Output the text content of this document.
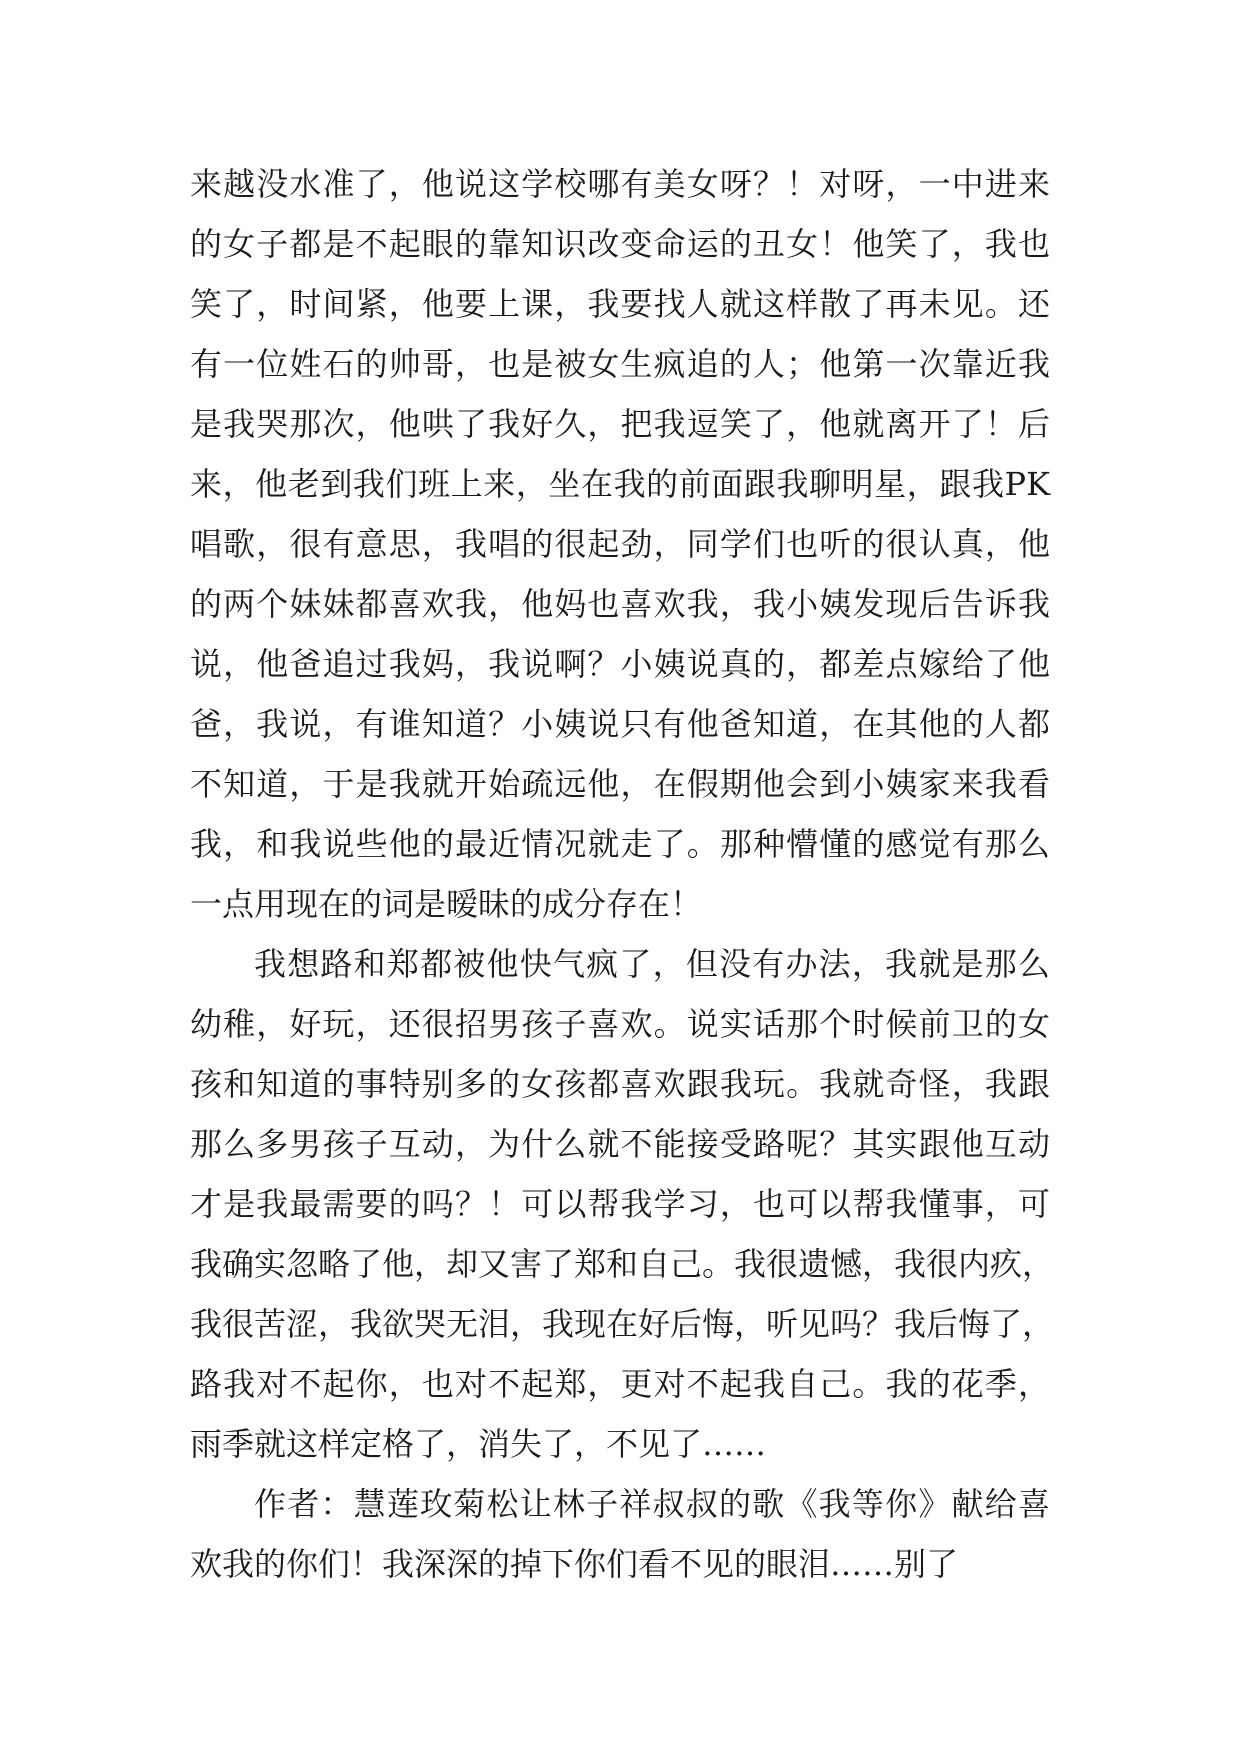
来越没水准了，他说这学校哪有美女呀？！对呀，一中进来
的女子都是不起眼的靠知识改变命运的丑女！他笑了，我也
笑了，时间紧，他要上课，我要找人就这样散了再未见。还
有一位姓石的帅哥，也是被女生疯追的人；他第一次靠近我
是我哭那次，他哄了我好久，把我逗笑了，他就离开了！后
来，他老到我们班上来，坐在我的前面跟我聊明星，跟我PK
唱歌，很有意思，我唱的很起劲，同学们也听的很认真，他
的两个妹妹都喜欢我，他妈也喜欢我，我小姨发现后告诉我
说，他爸追过我妈，我说啊？小姨说真的，都差点嫁给了他
爸，我说，有谁知道？小姨说只有他爸知道，在其他的人都
不知道，于是我就开始疏远他，在假期他会到小姨家来我看
我，和我说些他的最近情况就走了。那种懵懂的感觉有那么
一点用现在的词是暧昧的成分存在！
我想路和郑都被他快气疯了，但没有办法，我就是那么
幼稚，好玩，还很招男孩子喜欢。说实话那个时候前卫的女
孩和知道的事特别多的女孩都喜欢跟我玩。我就奇怪，我跟
那么多男孩子互动，为什么就不能接受路呢？其实跟他互动
才是我最需要的吗？！可以帮我学习，也可以帮我懂事，可
我确实忽略了他，却又害了郑和自己。我很遗憾，我很内疚，
我很苦涩，我欲哭无泪，我现在好后悔，听见吗？我后悔了，
路我对不起你，也对不起郑，更对不起我自己。我的花季，
雨季就这样定格了，消失了，不见了……
作者：慧莲玫菊松让林子祥叔叔的歌《我等你》献给喜
欢我的你们！我深深的掉下你们看不见的眼泪……别了
